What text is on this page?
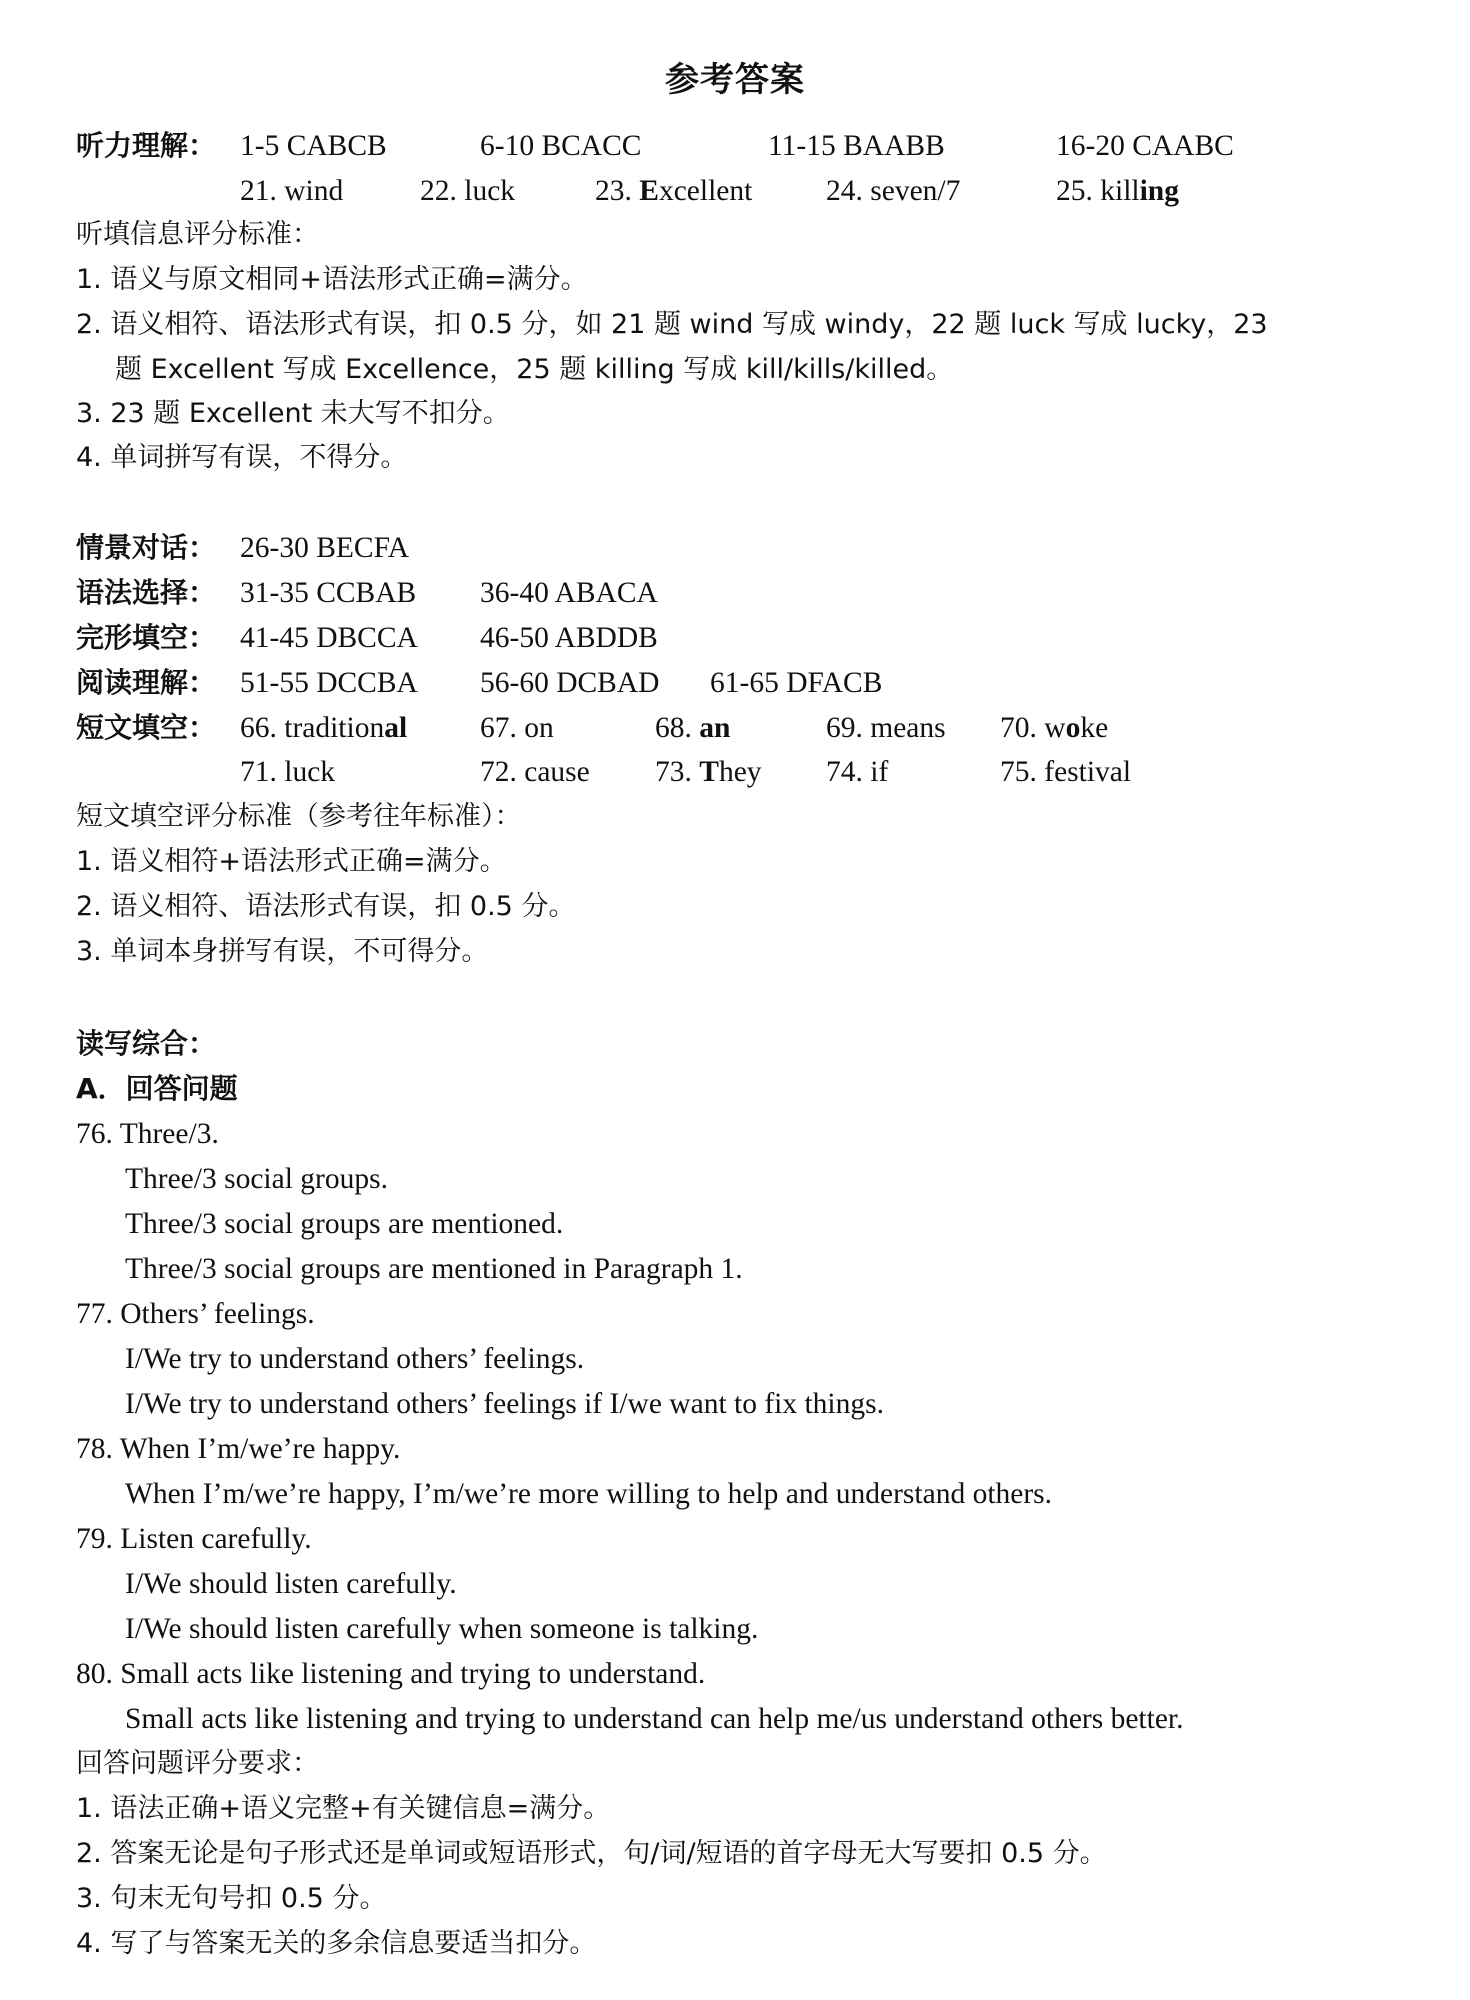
参考答案
听力理解： 1-5 CABCB	6-10 BCACC	11-15 BAABB	16-20 CAABC
21. wind	22. luck	23. Excellent 24. seven/7	25. killing
听填信息评分标准：
1. 语义与原文相同+语法形式正确=满分。
2. 语义相符、语法形式有误，扣 0.5 分，如 21 题 wind 写成 windy，22 题 luck 写成 lucky，23
题 Excellent 写成 Excellence，25 题 killing 写成 kill/kills/killed。
3. 23 题 Excellent 未大写不扣分。
4. 单词拼写有误，不得分。
情景对话： 26-30 BECFA
语法选择： 31-35 CCBAB 36-40 ABACA
完形填空： 41-45 DBCCA 46-50 ABDDB
阅读理解： 51-55 DCCBA 56-60 DCBAD 61-65 DFACB
短文填空： 66. traditional 67. on	68. an	69. means 70. woke
71. luck	72. cause 73. They 74. if	75. festival
短文填空评分标准（参考往年标准）：
1. 语义相符+语法形式正确=满分。
2. 语义相符、语法形式有误，扣 0.5 分。
3. 单词本身拼写有误，不可得分。
读写综合：
A．回答问题
76. Three/3.
Three/3 social groups.
Three/3 social groups are mentioned.
Three/3 social groups are mentioned in Paragraph 1.
77. Others’ feelings.
I/We try to understand others’ feelings.
I/We try to understand others’ feelings if I/we want to fix things.
78. When I’m/we’re happy.
When I’m/we’re happy, I’m/we’re more willing to help and understand others.
79. Listen carefully.
I/We should listen carefully.
I/We should listen carefully when someone is talking.
80. Small acts like listening and trying to understand.
Small acts like listening and trying to understand can help me/us understand others better.
回答问题评分要求：
1. 语法正确+语义完整+有关键信息=满分。
2. 答案无论是句子形式还是单词或短语形式，句/词/短语的首字母无大写要扣 0.5 分。
3. 句末无句号扣 0.5 分。
4. 写了与答案无关的多余信息要适当扣分。
